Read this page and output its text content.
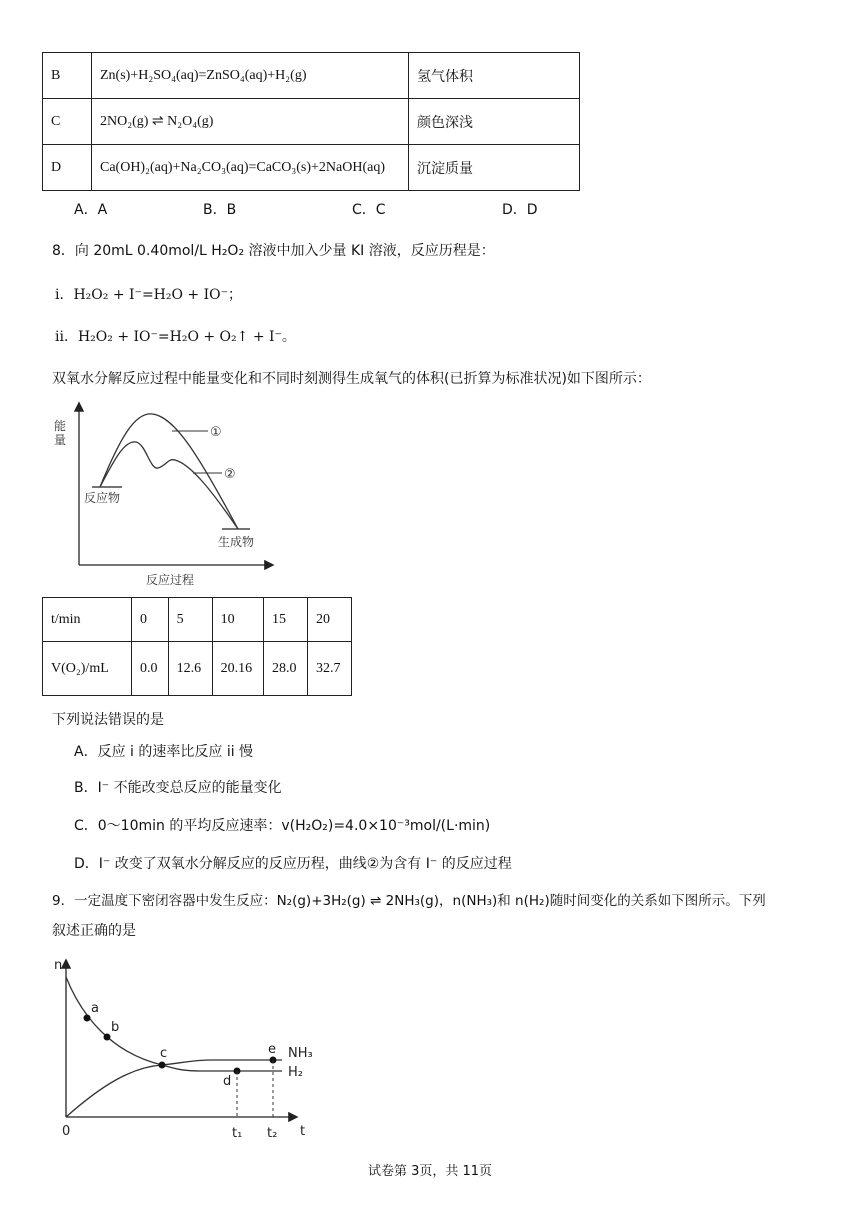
B	Zn(s)+H₂SO₄(aq)=ZnSO₄(aq)+H₂(g)	氢气体积
C	2NO₂(g) ⇌ N₂O₄(g)	颜色深浅
D	Ca(OH)₂(aq)+Na₂CO₃(aq)=CaCO₃(s)+2NaOH(aq)	沉淀质量
A．A	B．B	C．C	D．D
8．向 20mL 0.40mol/L H₂O₂ 溶液中加入少量 KI 溶液，反应历程是：
i．H₂O₂ + I⁻=H₂O + IO⁻；
ii．H₂O₂ + IO⁻=H₂O + O₂↑ + I⁻。
双氧水分解反应过程中能量变化和不同时刻测得生成氧气的体积(已折算为标准状况)如下图所示：
能
量	①
②
反应物
生成物
反应过程
t/min	0	5	10	15	20
V(O₂)/mL	0.0	12.6	20.16	28.0	32.7
下列说法错误的是
A．反应 i 的速率比反应 ii 慢
B．I⁻ 不能改变总反应的能量变化
C．0～10min 的平均反应速率：v(H₂O₂)=4.0×10⁻³mol/(L·min)
D．I⁻ 改变了双氧水分解反应的反应历程，曲线②为含有 I⁻ 的反应过程
9．一定温度下密闭容器中发生反应：N₂(g)+3H₂(g) ⇌ 2NH₃(g)，n(NH₃)和 n(H₂)随时间变化的关系如下图所示。下列
叙述正确的是
n
0	t
a
b
c
d
e
t₁ t₂
NH₃
H₂
试卷第 3页，共 11页
